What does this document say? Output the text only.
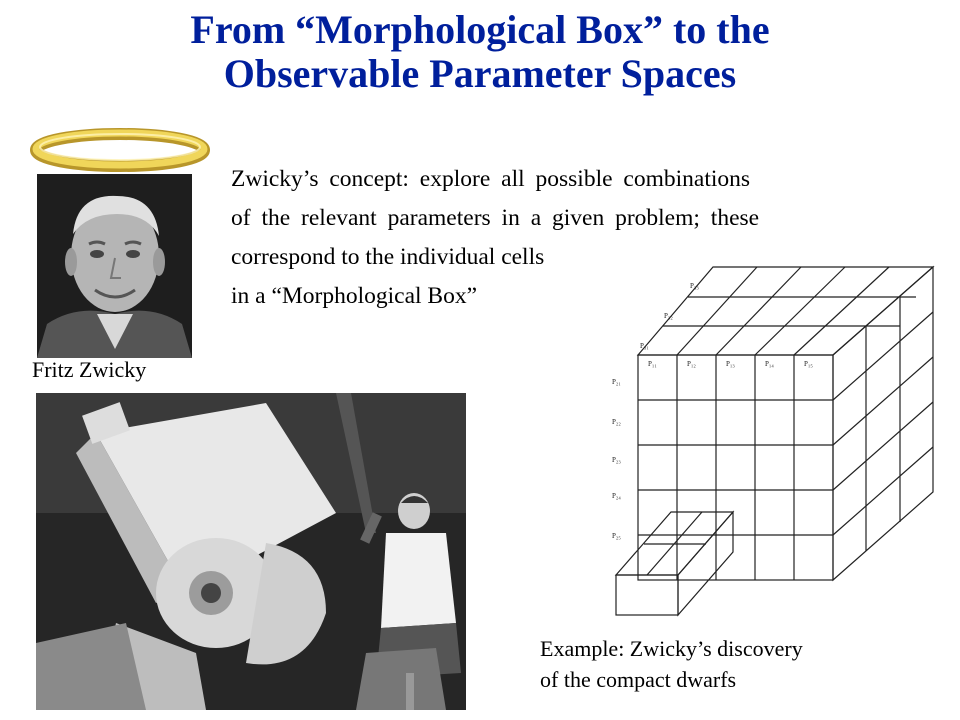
From “Morphological Box” to the
Observable Parameter Spaces
Fritz Zwicky
Zwicky’s concept: explore all possible combinations
of the relevant parameters in a given problem; these
correspond to the individual cells
in a “Morphological Box”	P₃₃
P₃₂
P₃₁
P₁₁	P₁₂	P₁₃	P₁₄	P₁₅
P₂₁
P₂₂
P₂₃
P₂₄
P₂₅
Example: Zwicky’s discovery
of the compact dwarfs
